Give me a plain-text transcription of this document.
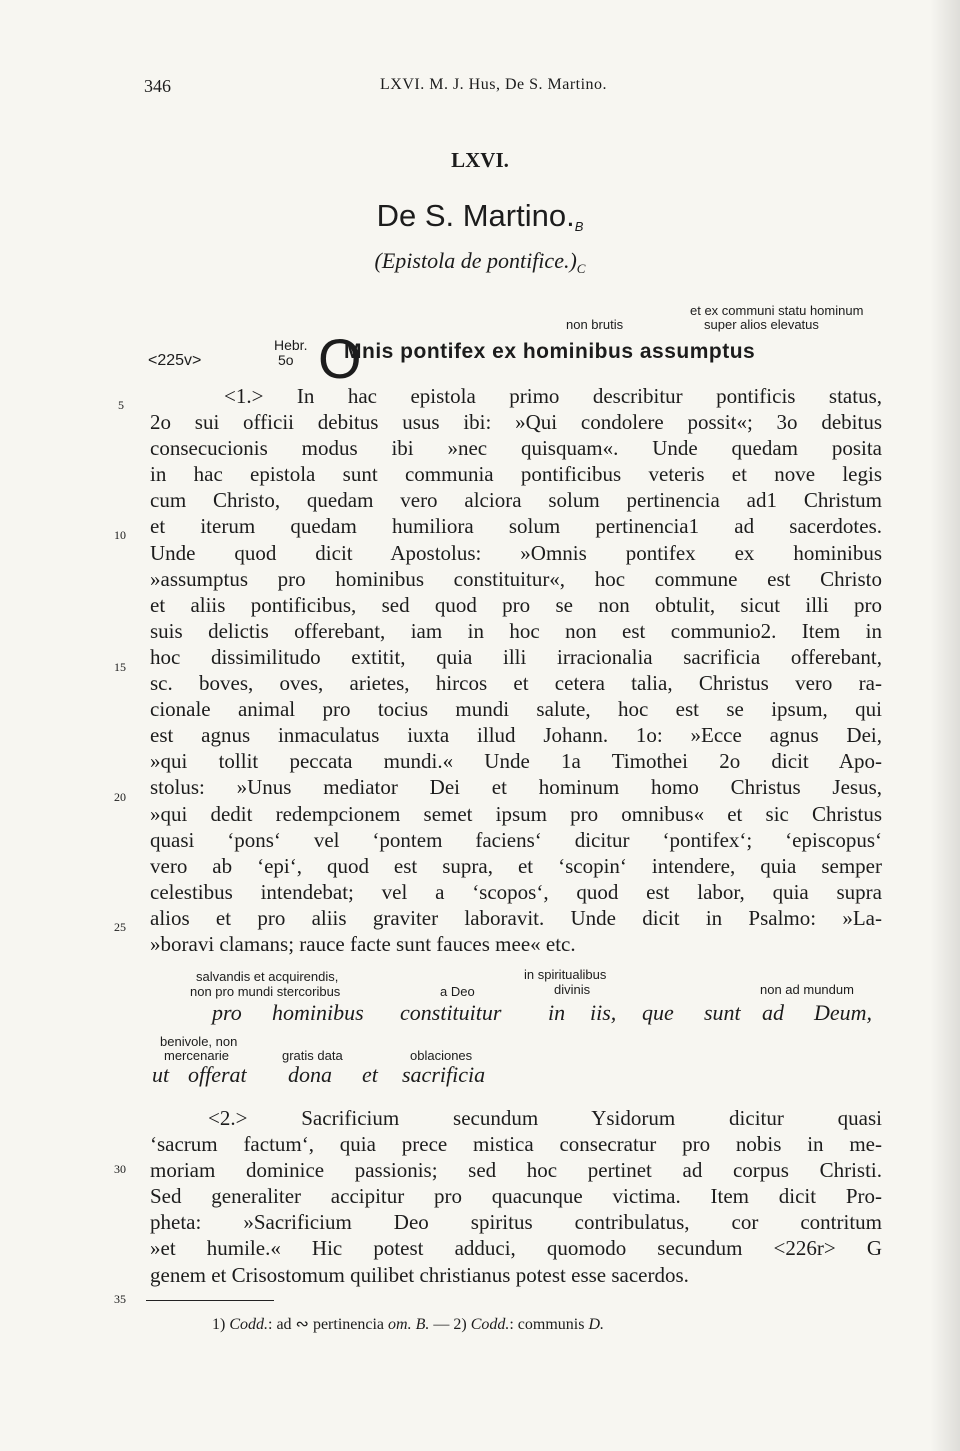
346	LXVI. M. J. Hus, De S. Martino.
LXVI.
De S. $Martino._B$
(Epistola de $pontifice.)_C$
non brutis
et ex communi statu hominum
super alios elevatus
<225v>
Hebr.
5o O
Mnis pontifex ex hominibus assumptus
5
10
15
20
25
30
35
<1.> In hac epistola primo describitur pontificis status,
2o sui officii debitus usus ibi: »Qui condolere possit«; 3o debitus
consecucionis modus ibi »nec quisquam«. Unde quedam posita
in hac epistola sunt communia pontificibus veteris et nove legis
cum Christo, quedam vero alciora solum pertinencia ad1 Christum
et iterum quedam humiliora solum pertinencia1 ad sacerdotes.
Unde quod dicit Apostolus: »Omnis pontifex ex hominibus
»assumptus pro hominibus constituitur«, hoc commune est Christo
et aliis pontificibus, sed quod pro se non obtulit, sicut illi pro
suis delictis offerebant, iam in hoc non est communio2. Item in
hoc dissimilitudo extitit, quia illi irracionalia sacrificia offerebant,
sc. boves, oves, arietes, hircos et cetera talia, Christus vero ra-
cionale animal pro tocius mundi salute, hoc est se ipsum, qui
est agnus inmaculatus iuxta illud Johann. 1o: »Ecce agnus Dei,
»qui tollit peccata mundi.« Unde 1a Timothei 2o dicit Apo-
stolus: »Unus mediator Dei et hominum homo Christus Jesus,
»qui dedit redempcionem semet ipsum pro omnibus« et sic Christus
quasi ‘pons‘ vel ‘pontem faciens‘ dicitur ‘pontifex‘; ‘episcopus‘
vero ab ‘epi‘, quod est supra, et ‘scopin‘ intendere, quia semper
celestibus intendebat; vel a ‘scopos‘, quod est labor, quia supra
alios et pro aliis graviter laboravit. Unde dicit in Psalmo: »La-
»boravi clamans; rauce facte sunt fauces mee« etc.
salvandis et acquirendis,
non pro mundi stercoribus	a Deo
in spiritualibus
divinis	non ad mundum
pro hominibus constituitur in iis, que sunt ad Deum,
benivole, non
mercenarie	gratis data	oblaciones
ut offerat dona et sacrificia
<2.> Sacrificium secundum Ysidorum dicitur quasi
‘sacrum factum‘, quia prece mistica consecratur pro nobis in me-
moriam dominice passionis; sed hoc pertinet ad corpus Christi.
Sed generaliter accipitur pro quacunque victima. Item dicit Pro-
pheta: »Sacrificium Deo spiritus contribulatus, cor contritum
»et humile.« Hic potest adduci, quomodo secundum <226r> G
genem et Crisostomum quilibet christianus potest esse sacerdos.
1) Codd.: ad ∾ pertinencia om. B. — 2) Codd.: communis D.
